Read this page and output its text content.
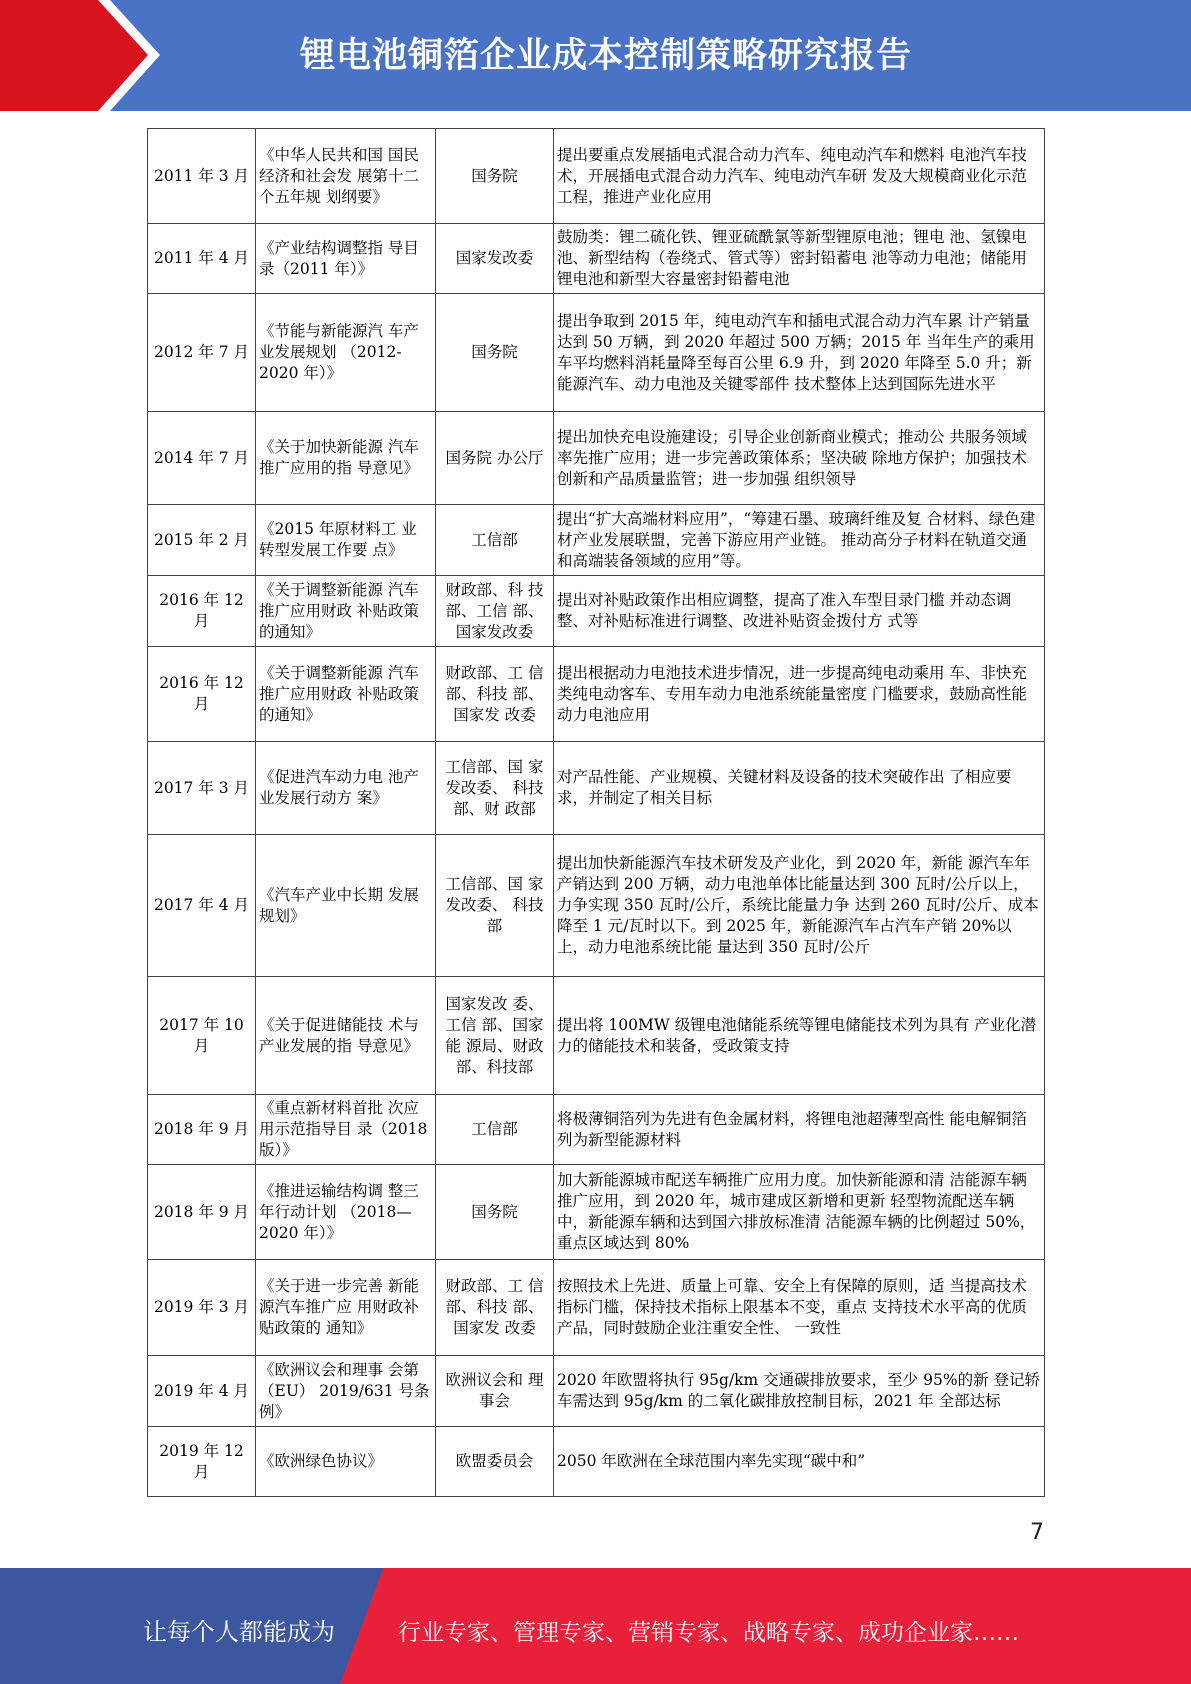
锂电池铜箔企业成本控制策略研究报告
2011 年 3 月	《中华人民共和国 国民经济和社会发 展第十二个五年规 划纲要》	国务院	提出要重点发展插电式混合动力汽车、纯电动汽车和燃料 电池汽车技术，开展插电式混合动力汽车、纯电动汽车研 发及大规模商业化示范工程，推进产业化应用
2011 年 4 月	《产业结构调整指 导目录（2011 年）》	国家发改委	鼓励类：锂二硫化铁、锂亚硫酰氯等新型锂原电池；锂电 池、氢镍电池、新型结构（卷绕式、管式等）密封铅蓄电 池等动力电池；储能用锂电池和新型大容量密封铅蓄电池
2012 年 7 月	《节能与新能源汽 车产业发展规划 （2012-2020 年）》	国务院	提出争取到 2015 年，纯电动汽车和插电式混合动力汽车累 计产销量达到 50 万辆，到 2020 年超过 500 万辆；2015 年 当年生产的乘用车平均燃料消耗量降至每百公里 6.9 升，到 2020 年降至 5.0 升；新能源汽车、动力电池及关键零部件 技术整体上达到国际先进水平
2014 年 7 月	《关于加快新能源 汽车推广应用的指 导意见》	国务院 办公厅	提出加快充电设施建设；引导企业创新商业模式；推动公 共服务领域率先推广应用；进一步完善政策体系；坚决破 除地方保护；加强技术创新和产品质量监管；进一步加强 组织领导
2015 年 2 月	《2015 年原材料工 业转型发展工作要 点》	工信部	提出“扩大高端材料应用”，“筹建石墨、玻璃纤维及复 合材料、绿色建材产业发展联盟，完善下游应用产业链。 推动高分子材料在轨道交通和高端装备领域的应用”等。
2016 年 12 月	《关于调整新能源 汽车推广应用财政 补贴政策的通知》	财政部、科 技部、工信 部、国家发改委	提出对补贴政策作出相应调整，提高了准入车型目录门槛 并动态调整、对补贴标准进行调整、改进补贴资金拨付方 式等
2016 年 12 月	《关于调整新能源 汽车推广应用财政 补贴政策的通知》	财政部、工 信部、科技 部、国家发 改委	提出根据动力电池技术进步情况，进一步提高纯电动乘用 车、非快充类纯电动客车、专用车动力电池系统能量密度 门槛要求，鼓励高性能动力电池应用
2017 年 3 月	《促进汽车动力电 池产业发展行动方 案》	工信部、国 家发改委、 科技部、财 政部	对产品性能、产业规模、关键材料及设备的技术突破作出 了相应要求，并制定了相关目标
2017 年 4 月	《汽车产业中长期 发展规划》	工信部、国 家发改委、 科技部	提出加快新能源汽车技术研发及产业化，到 2020 年，新能 源汽车年产销达到 200 万辆，动力电池单体比能量达到 300 瓦时/公斤以上，力争实现 350 瓦时/公斤，系统比能量力争 达到 260 瓦时/公斤、成本降至 1 元/瓦时以下。到 2025 年，新能源汽车占汽车产销 20%以上，动力电池系统比能 量达到 350 瓦时/公斤
2017 年 10 月	《关于促进储能技 术与产业发展的指 导意见》	国家发改 委、工信 部、国家能 源局、财政 部、科技部	提出将 100MW 级锂电池储能系统等锂电储能技术列为具有 产业化潜力的储能技术和装备，受政策支持
2018 年 9 月	《重点新材料首批 次应用示范指导目 录（2018 版）》	工信部	将极薄铜箔列为先进有色金属材料，将锂电池超薄型高性 能电解铜箔列为新型能源材料
2018 年 9 月	《推进运输结构调 整三年行动计划 （2018—2020 年）》	国务院	加大新能源城市配送车辆推广应用力度。加快新能源和清 洁能源车辆推广应用，到 2020 年，城市建成区新增和更新 轻型物流配送车辆中，新能源车辆和达到国六排放标准清 洁能源车辆的比例超过 50%，重点区域达到 80%
2019 年 3 月	《关于进一步完善 新能源汽车推广应 用财政补贴政策的 通知》	财政部、工 信部、科技 部、国家发 改委	按照技术上先进、质量上可靠、安全上有保障的原则，适 当提高技术指标门槛，保持技术指标上限基本不变，重点 支持技术水平高的优质产品，同时鼓励企业注重安全性、 一致性
2019 年 4 月	《欧洲议会和理事 会第 （EU） 2019/631 号条例》	欧洲议会和 理事会	2020 年欧盟将执行 95g/km 交通碳排放要求，至少 95%的新 登记轿车需达到 95g/km 的二氧化碳排放控制目标，2021 年 全部达标
2019 年 12 月	《欧洲绿色协议》	欧盟委员会	2050 年欧洲在全球范围内率先实现“碳中和”
7
让每个人都能成为	行业专家、管理专家、营销专家、战略专家、成功企业家……
